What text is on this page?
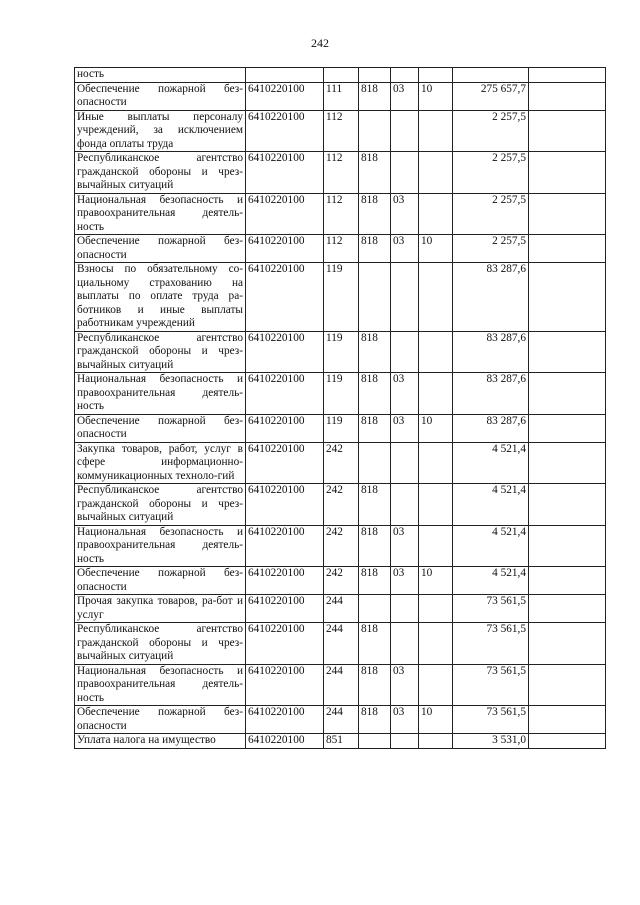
242
ность							
Обеспечение пожарной без-опасности	6410220100	111	818	03	10	275 657,7	
Иные выплаты персоналу учреждений, за исключением фонда оплаты труда	6410220100	112				2 257,5	
Республиканское агентство гражданской обороны и чрез-вычайных ситуаций	6410220100	112	818			2 257,5	
Национальная безопасность и правоохранительная деятель-ность	6410220100	112	818	03		2 257,5	
Обеспечение пожарной без-опасности	6410220100	112	818	03	10	2 257,5	
Взносы по обязательному со-циальному страхованию на выплаты по оплате труда ра-ботников и иные выплаты работникам учреждений	6410220100	119				83 287,6	
Республиканское агентство гражданской обороны и чрез-вычайных ситуаций	6410220100	119	818			83 287,6	
Национальная безопасность и правоохранительная деятель-ность	6410220100	119	818	03		83 287,6	
Обеспечение пожарной без-опасности	6410220100	119	818	03	10	83 287,6	
Закупка товаров, работ, услуг в сфере информационно-коммуникационных техноло-гий	6410220100	242				4 521,4	
Республиканское агентство гражданской обороны и чрез-вычайных ситуаций	6410220100	242	818			4 521,4	
Национальная безопасность и правоохранительная деятель-ность	6410220100	242	818	03		4 521,4	
Обеспечение пожарной без-опасности	6410220100	242	818	03	10	4 521,4	
Прочая закупка товаров, ра-бот и услуг	6410220100	244				73 561,5	
Республиканское агентство гражданской обороны и чрез-вычайных ситуаций	6410220100	244	818			73 561,5	
Национальная безопасность и правоохранительная деятель-ность	6410220100	244	818	03		73 561,5	
Обеспечение пожарной без-опасности	6410220100	244	818	03	10	73 561,5	
Уплата налога на имущество	6410220100	851				3 531,0	
